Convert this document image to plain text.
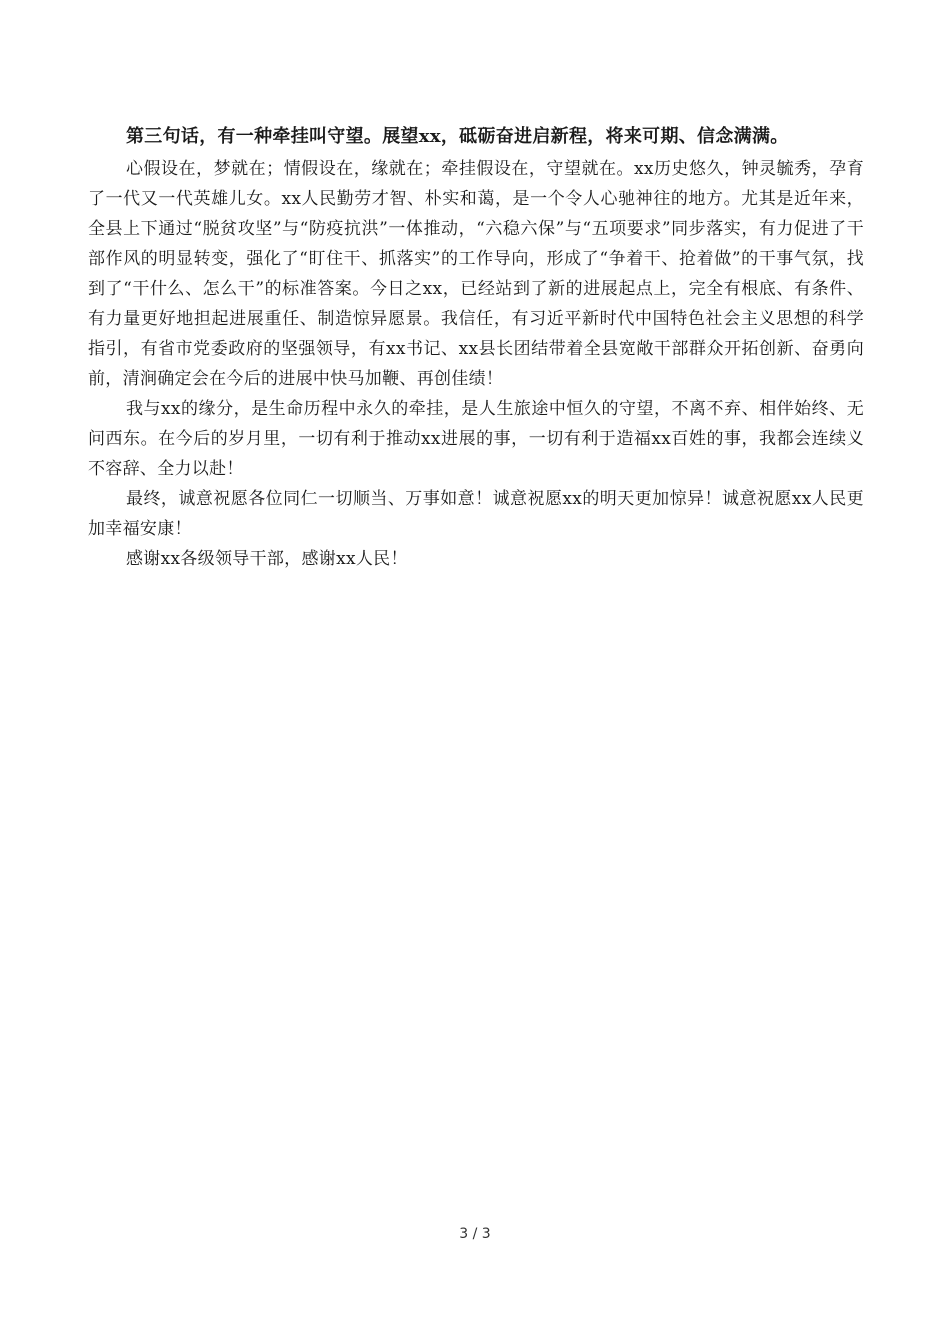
第三句话，有一种牵挂叫守望。展望xx，砥砺奋进启新程，将来可期、信念满满。

心假设在，梦就在；情假设在，缘就在；牵挂假设在，守望就在。xx历史悠久，钟灵毓秀，孕育了一代又一代英雄儿女。xx人民勤劳才智、朴实和蔼，是一个令人心驰神往的地方。尤其是近年来，全县上下通过“脱贫攻坚”与“防疫抗洪”一体推动，“六稳六保”与“五项要求”同步落实，有力促进了干部作风的明显转变，强化了“盯住干、抓落实”的工作导向，形成了“争着干、抢着做”的干事气氛，找到了“干什么、怎么干”的标准答案。今日之xx，已经站到了新的进展起点上，完全有根底、有条件、有力量更好地担起进展重任、制造惊异愿景。我信任，有习近平新时代中国特色社会主义思想的科学指引，有省市党委政府的坚强领导，有xx书记、xx县长团结带着全县宽敞干部群众开拓创新、奋勇向前，清涧确定会在今后的进展中快马加鞭、再创佳绩！

我与xx的缘分，是生命历程中永久的牵挂，是人生旅途中恒久的守望，不离不弃、相伴始终、无问西东。在今后的岁月里，一切有利于推动xx进展的事，一切有利于造福xx百姓的事，我都会连续义不容辞、全力以赴！

最终，诚意祝愿各位同仁一切顺当、万事如意！诚意祝愿xx的明天更加惊异！诚意祝愿xx人民更加幸福安康！

感谢xx各级领导干部，感谢xx人民！

3 / 3
